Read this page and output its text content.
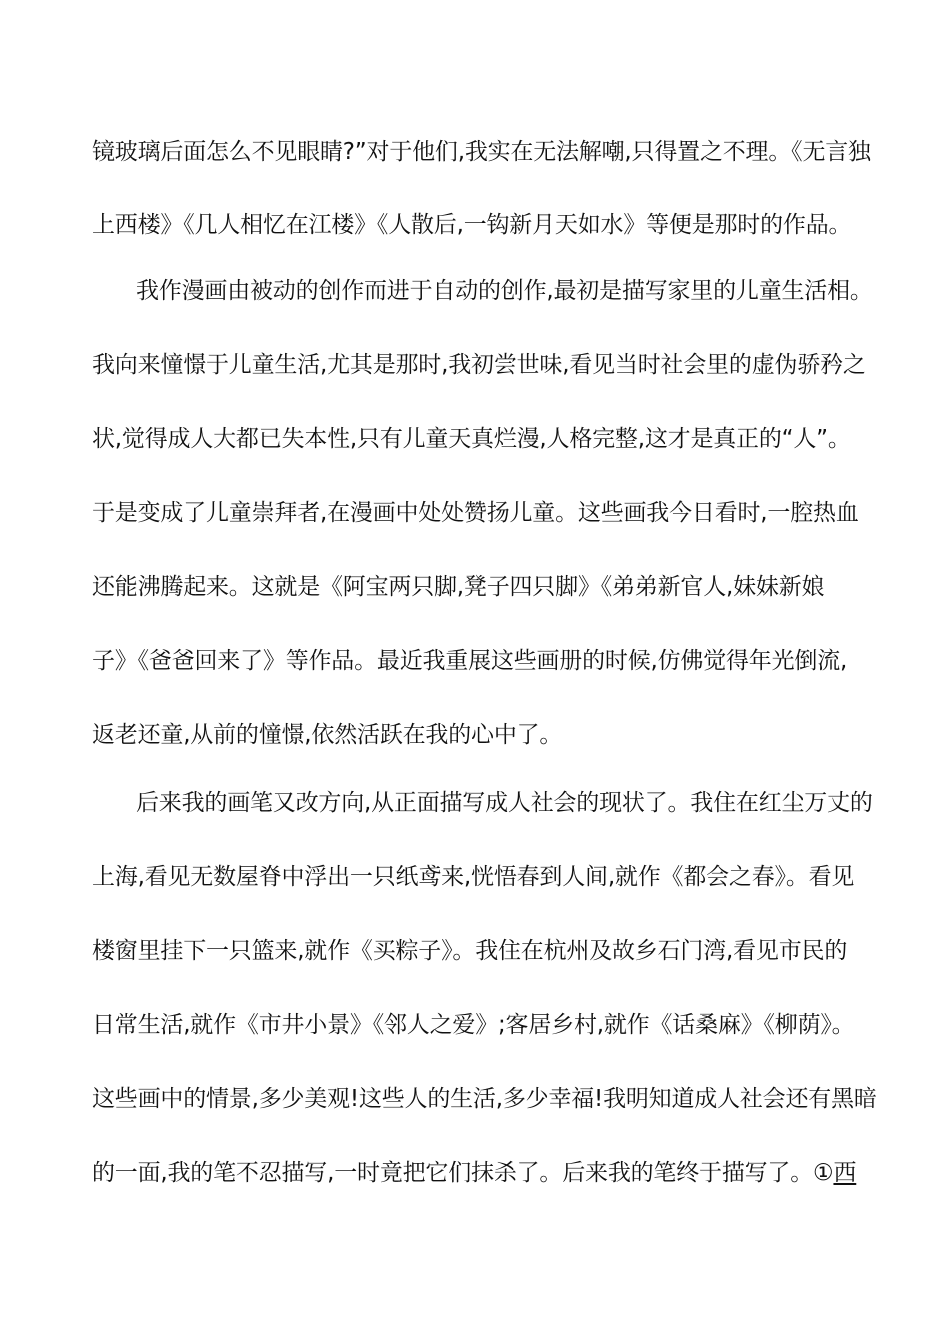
镜玻璃后面怎么不见眼睛?”对于他们,我实在无法解嘲,只得置之不理。《无言独
上西楼》《几人相忆在江楼》《人散后,一钩新月天如水》等便是那时的作品。
我作漫画由被动的创作而进于自动的创作,最初是描写家里的儿童生活相。
我向来憧憬于儿童生活,尤其是那时,我初尝世味,看见当时社会里的虚伪骄矜之
状,觉得成人大都已失本性,只有儿童天真烂漫,人格完整,这才是真正的“人”。
于是变成了儿童崇拜者,在漫画中处处赞扬儿童。这些画我今日看时,一腔热血
还能沸腾起来。这就是《阿宝两只脚,凳子四只脚》《弟弟新官人,妹妹新娘
子》《爸爸回来了》等作品。最近我重展这些画册的时候,仿佛觉得年光倒流,
返老还童,从前的憧憬,依然活跃在我的心中了。
后来我的画笔又改方向,从正面描写成人社会的现状了。我住在红尘万丈的
上海,看见无数屋脊中浮出一只纸鸢来,恍悟春到人间,就作《都会之春》。看见
楼窗里挂下一只篮来,就作《买粽子》。我住在杭州及故乡石门湾,看见市民的
日常生活,就作《市井小景》《邻人之爱》;客居乡村,就作《话桑麻》《柳荫》。
这些画中的情景,多少美观!这些人的生活,多少幸福!我明知道成人社会还有黑暗
的一面,我的笔不忍描写,一时竟把它们抹杀了。后来我的笔终于描写了。①西
